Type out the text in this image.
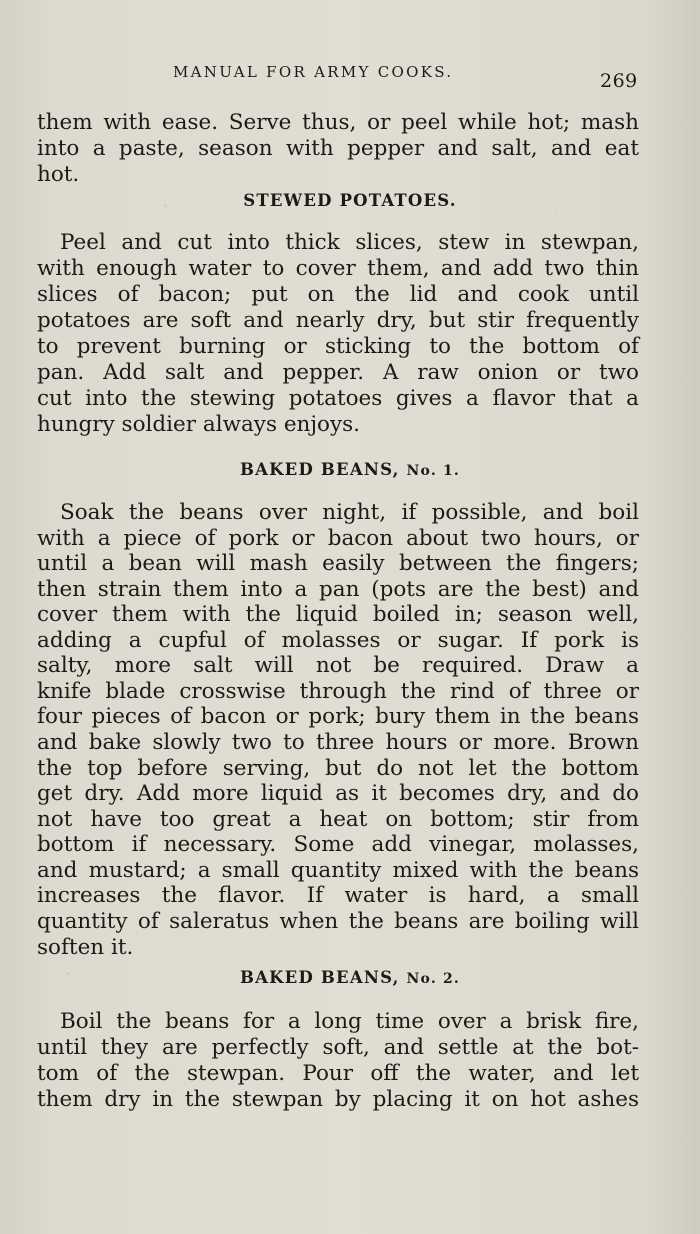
MANUAL FOR ARMY COOKS.	269
them with ease. Serve thus, or peel while hot; mash
into a paste, season with pepper and salt, and eat
hot.
STEWED POTATOES.
Peel and cut into thick slices, stew in stewpan,
with enough water to cover them, and add two thin
slices of bacon; put on the lid and cook until
potatoes are soft and nearly dry, but stir frequently
to prevent burning or sticking to the bottom of
pan. Add salt and pepper. A raw onion or two
cut into the stewing potatoes gives a flavor that a
hungry soldier always enjoys.
BAKED BEANS, No. 1.
Soak the beans over night, if possible, and boil
with a piece of pork or bacon about two hours, or
until a bean will mash easily between the fingers;
then strain them into a pan (pots are the best) and
cover them with the liquid boiled in; season well,
adding a cupful of molasses or sugar. If pork is
salty, more salt will not be required. Draw a
knife blade crosswise through the rind of three or
four pieces of bacon or pork; bury them in the beans
and bake slowly two to three hours or more. Brown
the top before serving, but do not let the bottom
get dry. Add more liquid as it becomes dry, and do
not have too great a heat on bottom; stir from
bottom if necessary. Some add vinegar, molasses,
and mustard; a small quantity mixed with the beans
increases the flavor. If water is hard, a small
quantity of saleratus when the beans are boiling will
soften it.
BAKED BEANS, No. 2.
Boil the beans for a long time over a brisk fire,
until they are perfectly soft, and settle at the bot-
tom of the stewpan. Pour off the water, and let
them dry in the stewpan by placing it on hot ashes
